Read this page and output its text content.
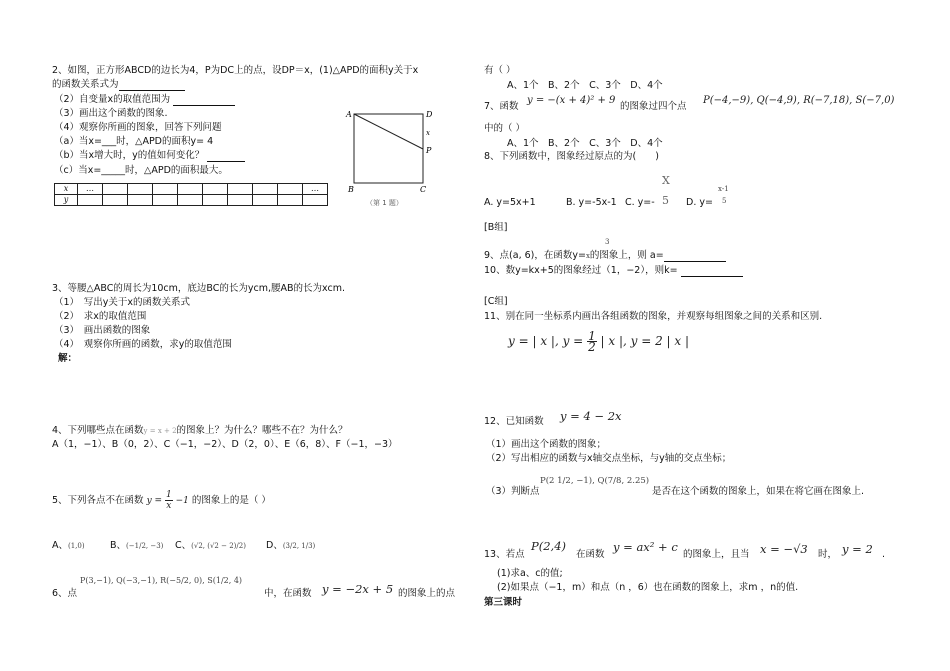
2、如图，正方形ABCD的边长为4，P为DC上的点，设DP＝x，(1)△APD的面积y关于x
的函数关系式为
（2）自变量x的取值范围为
（3）画出这个函数的图象.
（4）观察你所画的图象，回答下列问题
（a）当x=___时，△APD的面积y= 4
（b）当x增大时，y的值如何变化？
（c）当x=_____时，△APD的面积最大。
x	…									…
y										
A	D
x
P
B	C
（第 1 题）
3、等腰△ABC的周长为10cm，底边BC的长为ycm,腰AB的长为xcm.
（1）　写出y关于x的函数关系式
（2）　求x的取值范围
（3）　画出函数的图象
（4）　观察你所画的函数，求y的取值范围
解：
4、下列哪些点在函数$^{y = x + 2}$的图象上？为什么？哪些不在？为什么？
A（1，−1）、B（0，2）、C（−1，−2）、D（2，0）、E（6，8）、F（−1，−3）
5、下列各点不在函数 $y = \frac{1}{x} -1$ 的图象上的是（ ）
A、$^{(1,0)}$	B、$^{(-1/2, -3)}$ C、$^{(√2, (√2 - 2)/2)}$ D、$^{(3/2, 1/3)}$
6、点
P(3,−1), Q(−3,−1), R(−5/2, 0), S(1/2, 4)
中，在函数 y = −2x + 5 的图象上的点
有（ ）
A、1个　B、2个　C、3个　D、4个
7、函数
y = −(x + 4)² + 9
的图象过四个点
P(−4,−9), Q(−4,9), R(−7,18), S(−7,0)
中的（ ）
A、1个　B、2个　C、3个　D、4个
8、下列函数中，图象经过原点的为(　　)
A. y=5x+1	B. y=-5x-1 C. y=-
X
5 D. y=
x-1
5
[B组]
3
9、点(a, 6)，在函数y=$^x$的图象上，则 a=
10、数y=kx+5的图象经过（1，−2），则k=
[C组]
11、别在同一坐标系内画出各组函数的图象，并观察每组图象之间的关系和区别.
y = | x |, $y = \frac{1}{2}$ | x |, y = 2 | x |
12、已知函数 y = 4 − 2x
（1）画出这个函数的图象；
（2）写出相应的函数与x轴交点坐标，与y轴的交点坐标；
（3）判断点
P(2 1/2, −1), Q(7/8, 2.25)
是否在这个函数的图象上，如果在将它画在图象上.
13、若点
P(2,4)
在函数
y = ax² + c
的图象上，且当 x = −√3 时， y = 2 .
(1)求a、c的值;
(2)如果点（−1，m）和点（n ，6）也在函数的图象上，求m ，n的值.
第三课时
